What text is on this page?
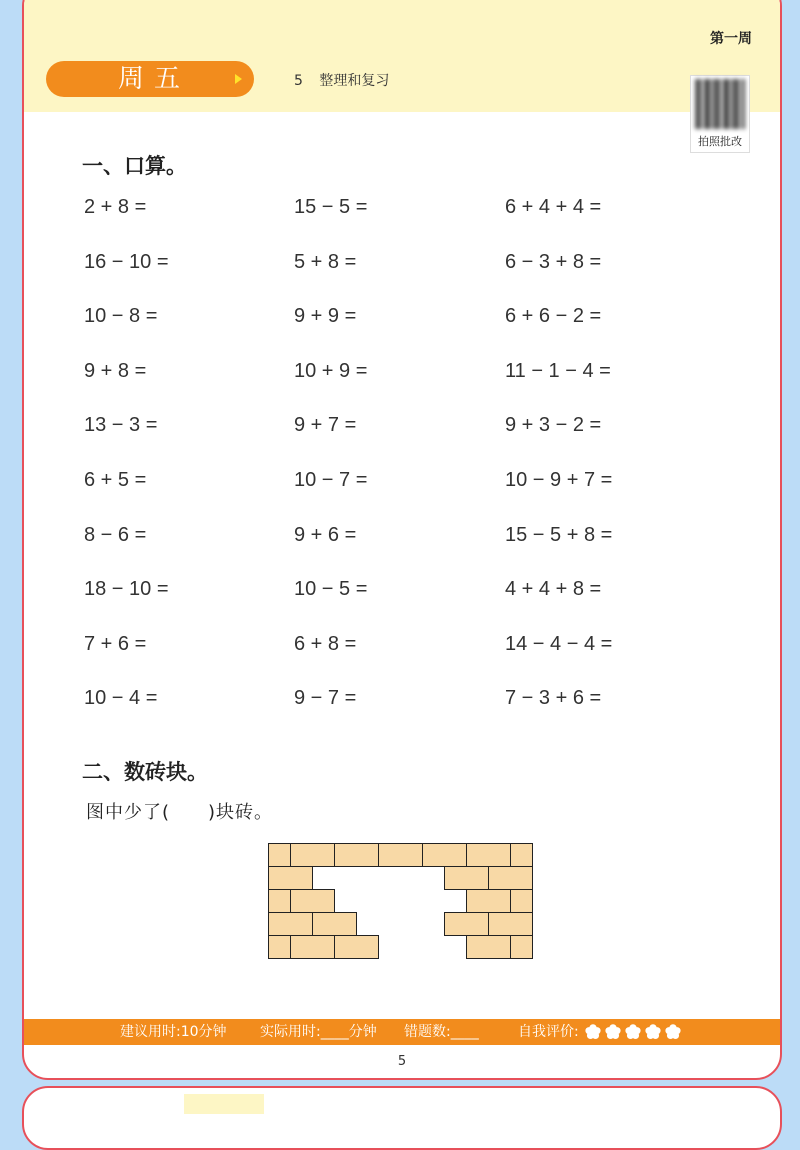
第一周
周五	5 整理和复习
拍照批改
一、口算。
2 + 8 =
16 − 10 =
10 − 8 =
9 + 8 =
13 − 3 =
6 + 5 =
8 − 6 =
18 − 10 =
7 + 6 =
10 − 4 =
15 − 5 =
5 + 8 =
9 + 9 =
10 + 9 =
9 + 7 =
10 − 7 =
9 + 6 =
10 − 5 =
6 + 8 =
9 − 7 =
6 + 4 + 4 =
6 − 3 + 8 =
6 + 6 − 2 =
11 − 1 − 4 =
9 + 3 − 2 =
10 − 9 + 7 =
15 − 5 + 8 =
4 + 4 + 8 =
14 − 4 − 4 =
7 − 3 + 6 =
二、数砖块。
图中少了(　　)块砖。
建议用时:10分钟 实际用时:____分钟 错题数:____	自我评价:
5
